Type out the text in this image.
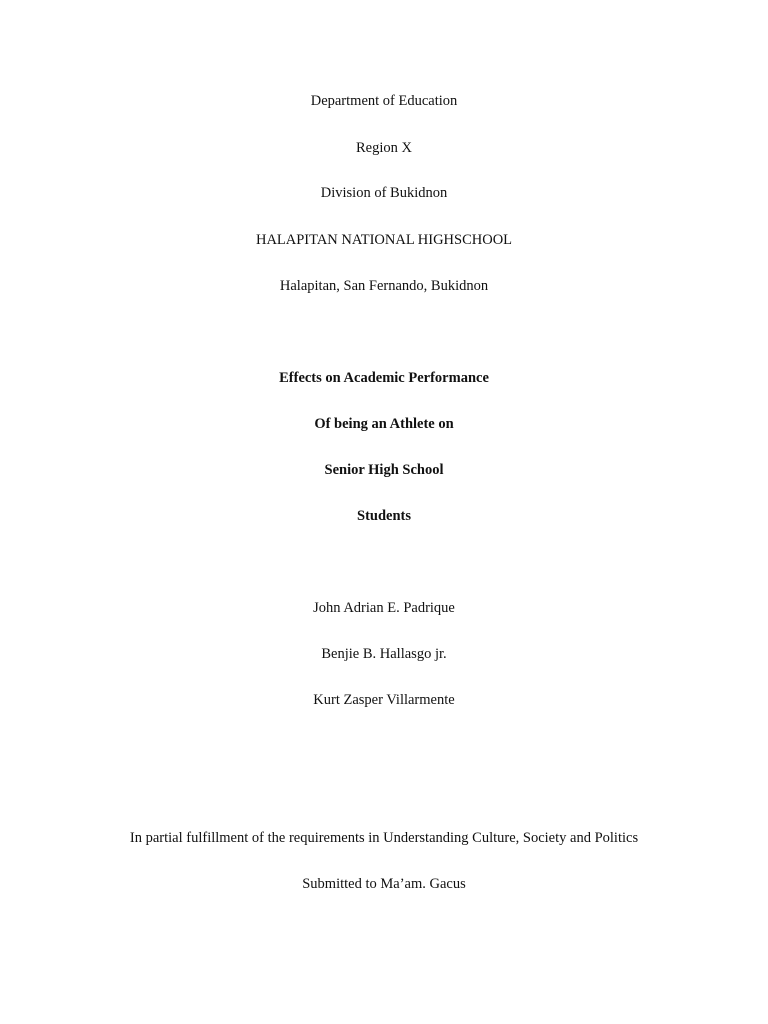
Department of Education
Region X
Division of Bukidnon
HALAPITAN NATIONAL HIGHSCHOOL
Halapitan, San Fernando, Bukidnon
Effects on Academic Performance
Of being an Athlete on
Senior High School
Students
John Adrian E. Padrique
Benjie B. Hallasgo jr.
Kurt Zasper Villarmente
In partial fulfillment of the requirements in Understanding Culture, Society and Politics
Submitted to Ma’am. Gacus
